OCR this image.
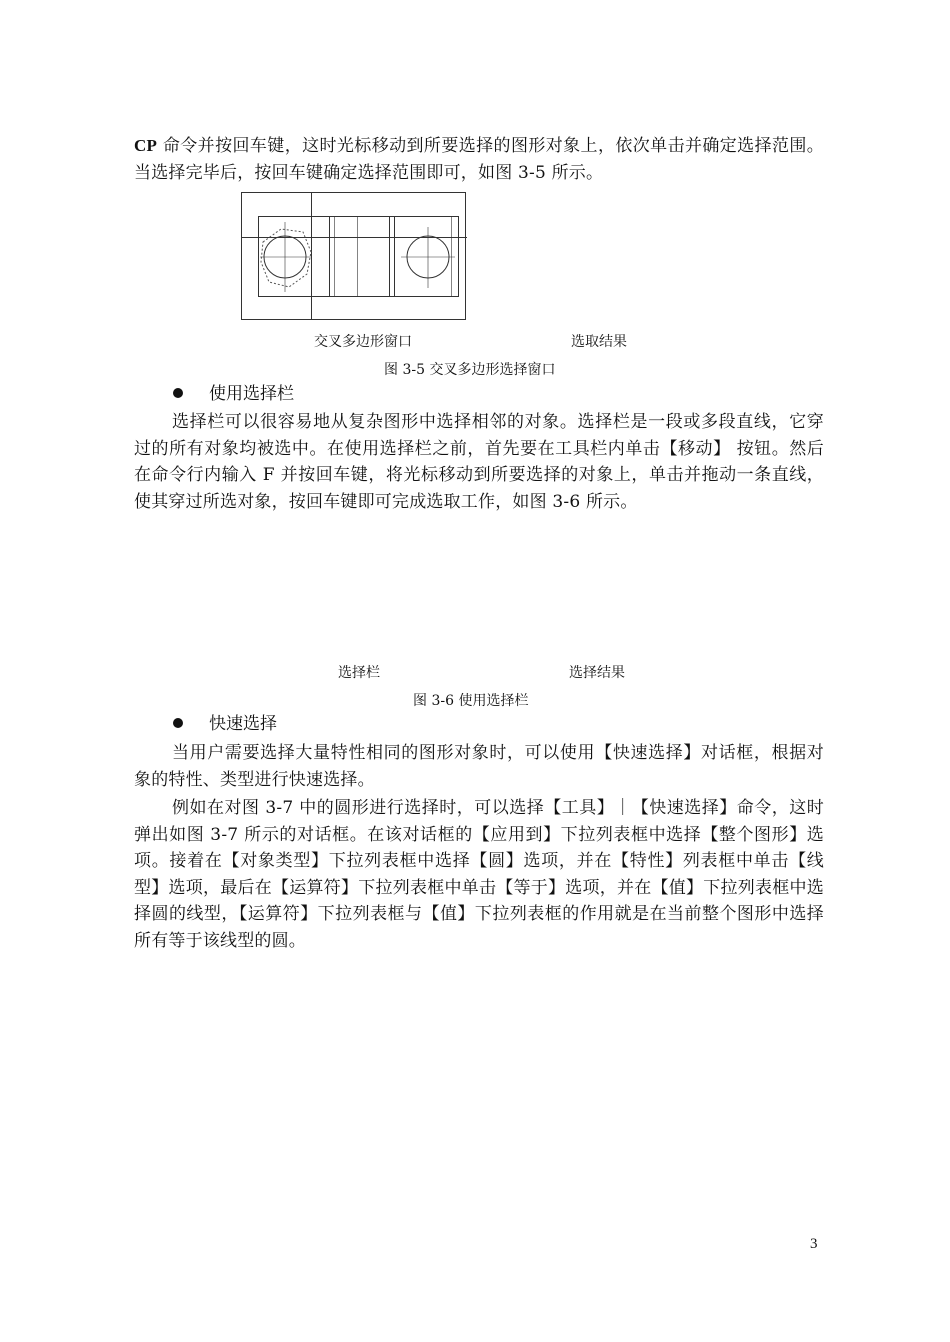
CP 命令并按回车键，这时光标移动到所要选择的图形对象上，依次单击并确定选择范围。当选择完毕后，按回车键确定选择范围即可，如图 3-5 所示。

交叉多边形窗口	选取结果
图 3-5 交叉多边形选择窗口
使用选择栏

选择栏可以很容易地从复杂图形中选择相邻的对象。选择栏是一段或多段直线，它穿过的所有对象均被选中。在使用选择栏之前，首先要在工具栏内单击【移动】 按钮。然后在命令行内输入 F 并按回车键，将光标移动到所要选择的对象上，单击并拖动一条直线，使其穿过所选对象，按回车键即可完成选取工作，如图 3-6 所示。

选择栏	选择结果
图 3-6 使用选择栏
快速选择

当用户需要选择大量特性相同的图形对象时，可以使用【快速选择】对话框，根据对象的特性、类型进行快速选择。

例如在对图 3-7 中的圆形进行选择时，可以选择【工具】｜【快速选择】命令，这时弹出如图 3-7 所示的对话框。在该对话框的【应用到】下拉列表框中选择【整个图形】选项。接着在【对象类型】下拉列表框中选择【圆】选项，并在【特性】列表框中单击【线型】选项，最后在【运算符】下拉列表框中单击【等于】选项，并在【值】下拉列表框中选择圆的线型，【运算符】下拉列表框与【值】下拉列表框的作用就是在当前整个图形中选择所有等于该线型的圆。

3
